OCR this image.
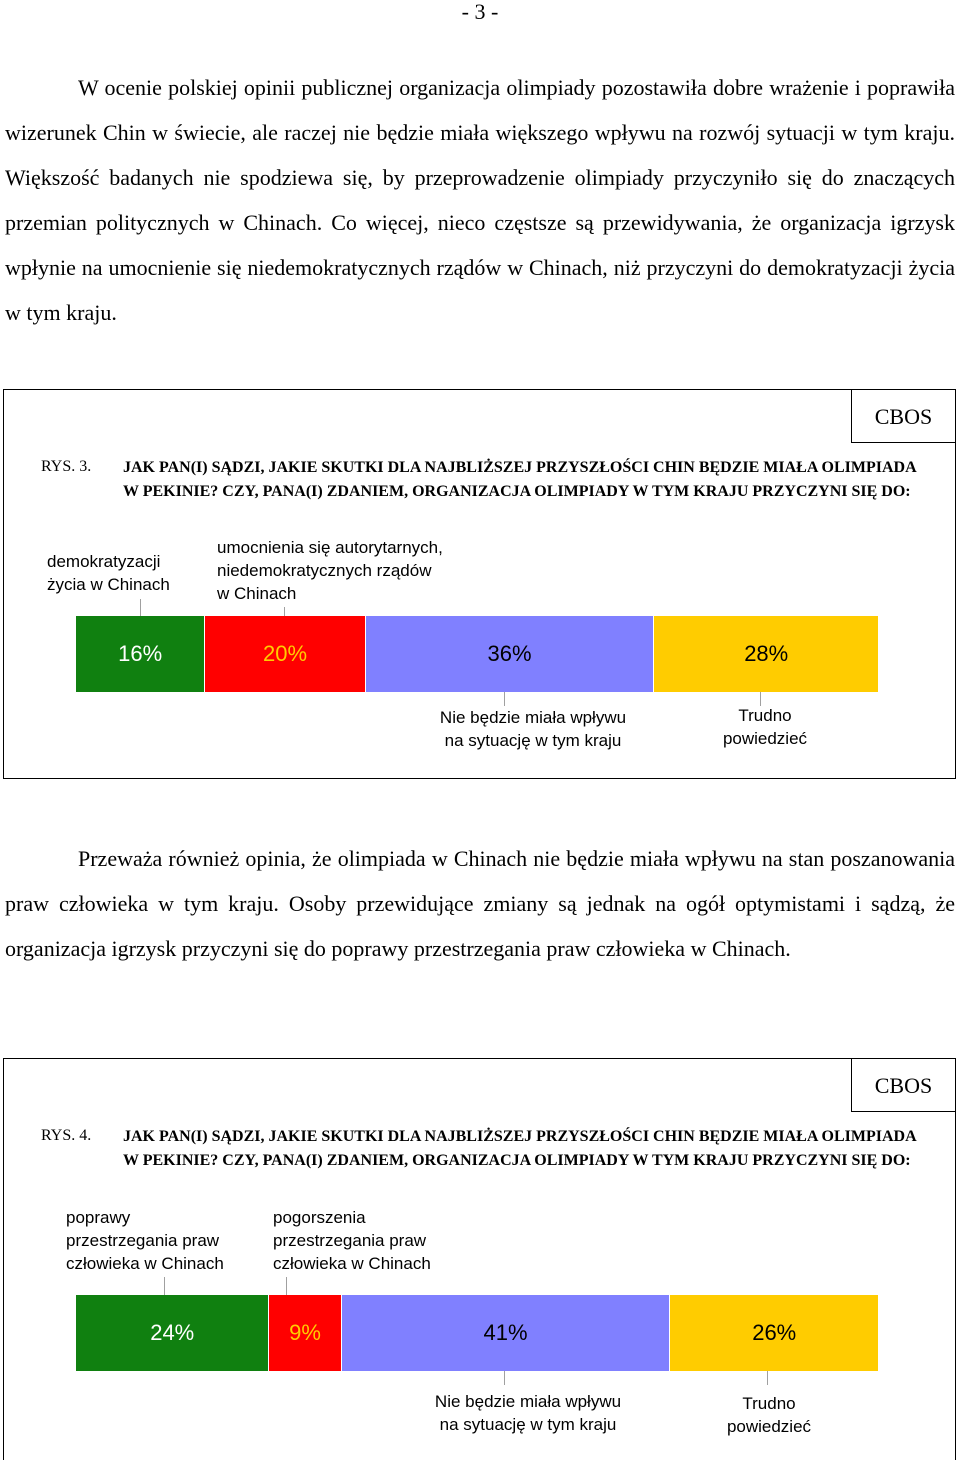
- 3 -

W ocenie polskiej opinii publicznej organizacja olimpiady pozostawiła dobre wrażenie i poprawiła wizerunek Chin w świecie, ale raczej nie będzie miała większego wpływu na rozwój sytuacji w tym kraju. Większość badanych nie spodziewa się, by przeprowadzenie olimpiady przyczyniło się do znaczących przemian politycznych w Chinach. Co więcej, nieco częstsze są przewidywania, że organizacja igrzysk wpłynie na umocnienie się niedemokratycznych rządów w Chinach, niż przyczyni do demokratyzacji życia w tym kraju.

CBOS
RYS. 3. JAK PAN(I) SĄDZI, JAKIE SKUTKI DLA NAJBLIŻSZEJ PRZYSZŁOŚCI CHIN BĘDZIE MIAŁA OLIMPIADA W PEKINIE? CZY, PANA(I) ZDANIEM, ORGANIZACJA OLIMPIADY W TYM KRAJU PRZYCZYNI SIĘ DO:
demokratyzacji
życia w Chinach
umocnienia się autorytarnych,
niedemokratycznych rządów
w Chinach
16%	20%	36%	28%
Nie będzie miała wpływu
na sytuację w tym kraju
Trudno
powiedzieć

Przeważa również opinia, że olimpiada w Chinach nie będzie miała wpływu na stan poszanowania praw człowieka w tym kraju. Osoby przewidujące zmiany są jednak na ogół optymistami i sądzą, że organizacja igrzysk przyczyni się do poprawy przestrzegania praw człowieka w Chinach.

CBOS
RYS. 4. JAK PAN(I) SĄDZI, JAKIE SKUTKI DLA NAJBLIŻSZEJ PRZYSZŁOŚCI CHIN BĘDZIE MIAŁA OLIMPIADA W PEKINIE? CZY, PANA(I) ZDANIEM, ORGANIZACJA OLIMPIADY W TYM KRAJU PRZYCZYNI SIĘ DO:
poprawy
przestrzegania praw
człowieka w Chinach
pogorszenia
przestrzegania praw
człowieka w Chinach
24%	9%	41%	26%
Nie będzie miała wpływu
na sytuację w tym kraju
Trudno
powiedzieć
